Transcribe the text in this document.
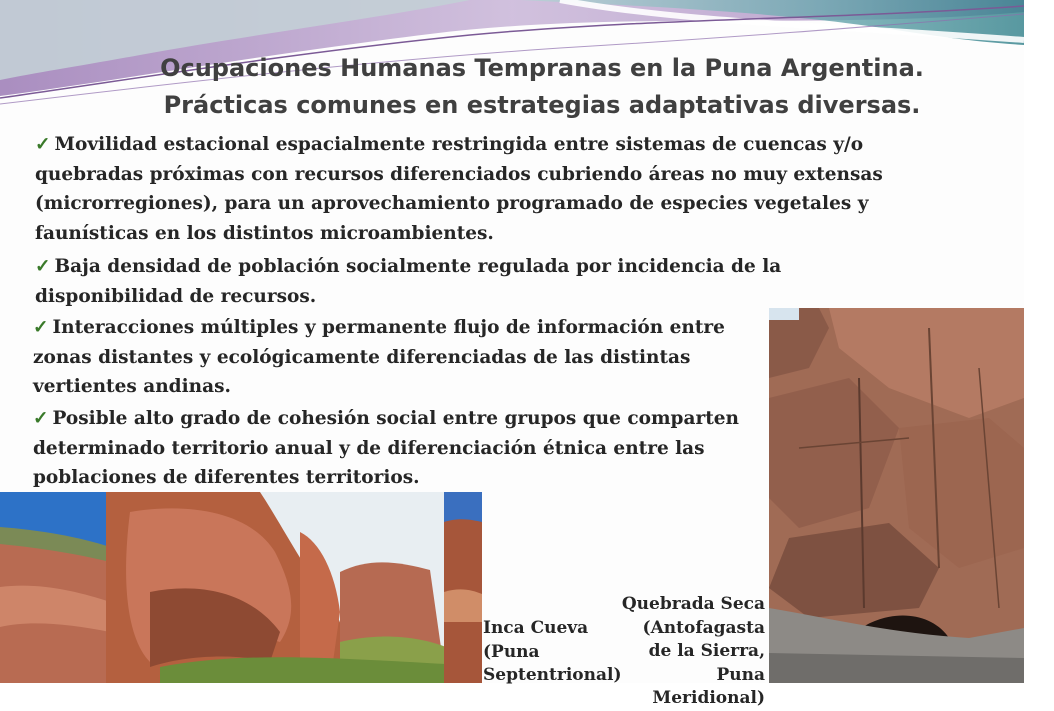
Ocupaciones Humanas Tempranas en la Puna Argentina.
Prácticas comunes en estrategias adaptativas diversas.

✓ Movilidad estacional espacialmente restringida entre sistemas de cuencas y/o quebradas próximas con recursos diferenciados cubriendo áreas no muy extensas (microrregiones), para un aprovechamiento programado de especies vegetales y faunísticas en los distintos microambientes.

✓ Baja densidad de población socialmente regulada por incidencia de la disponibilidad de recursos.

✓ Interacciones múltiples y permanente flujo de información entre zonas distantes y ecológicamente diferenciadas de las distintas vertientes andinas.

✓ Posible alto grado de cohesión social entre grupos que comparten determinado territorio anual y de diferenciación étnica entre las poblaciones de diferentes territorios.

Inca Cueva (Puna Septentrional)

Quebrada Seca (Antofagasta de la Sierra, Puna Meridional)
